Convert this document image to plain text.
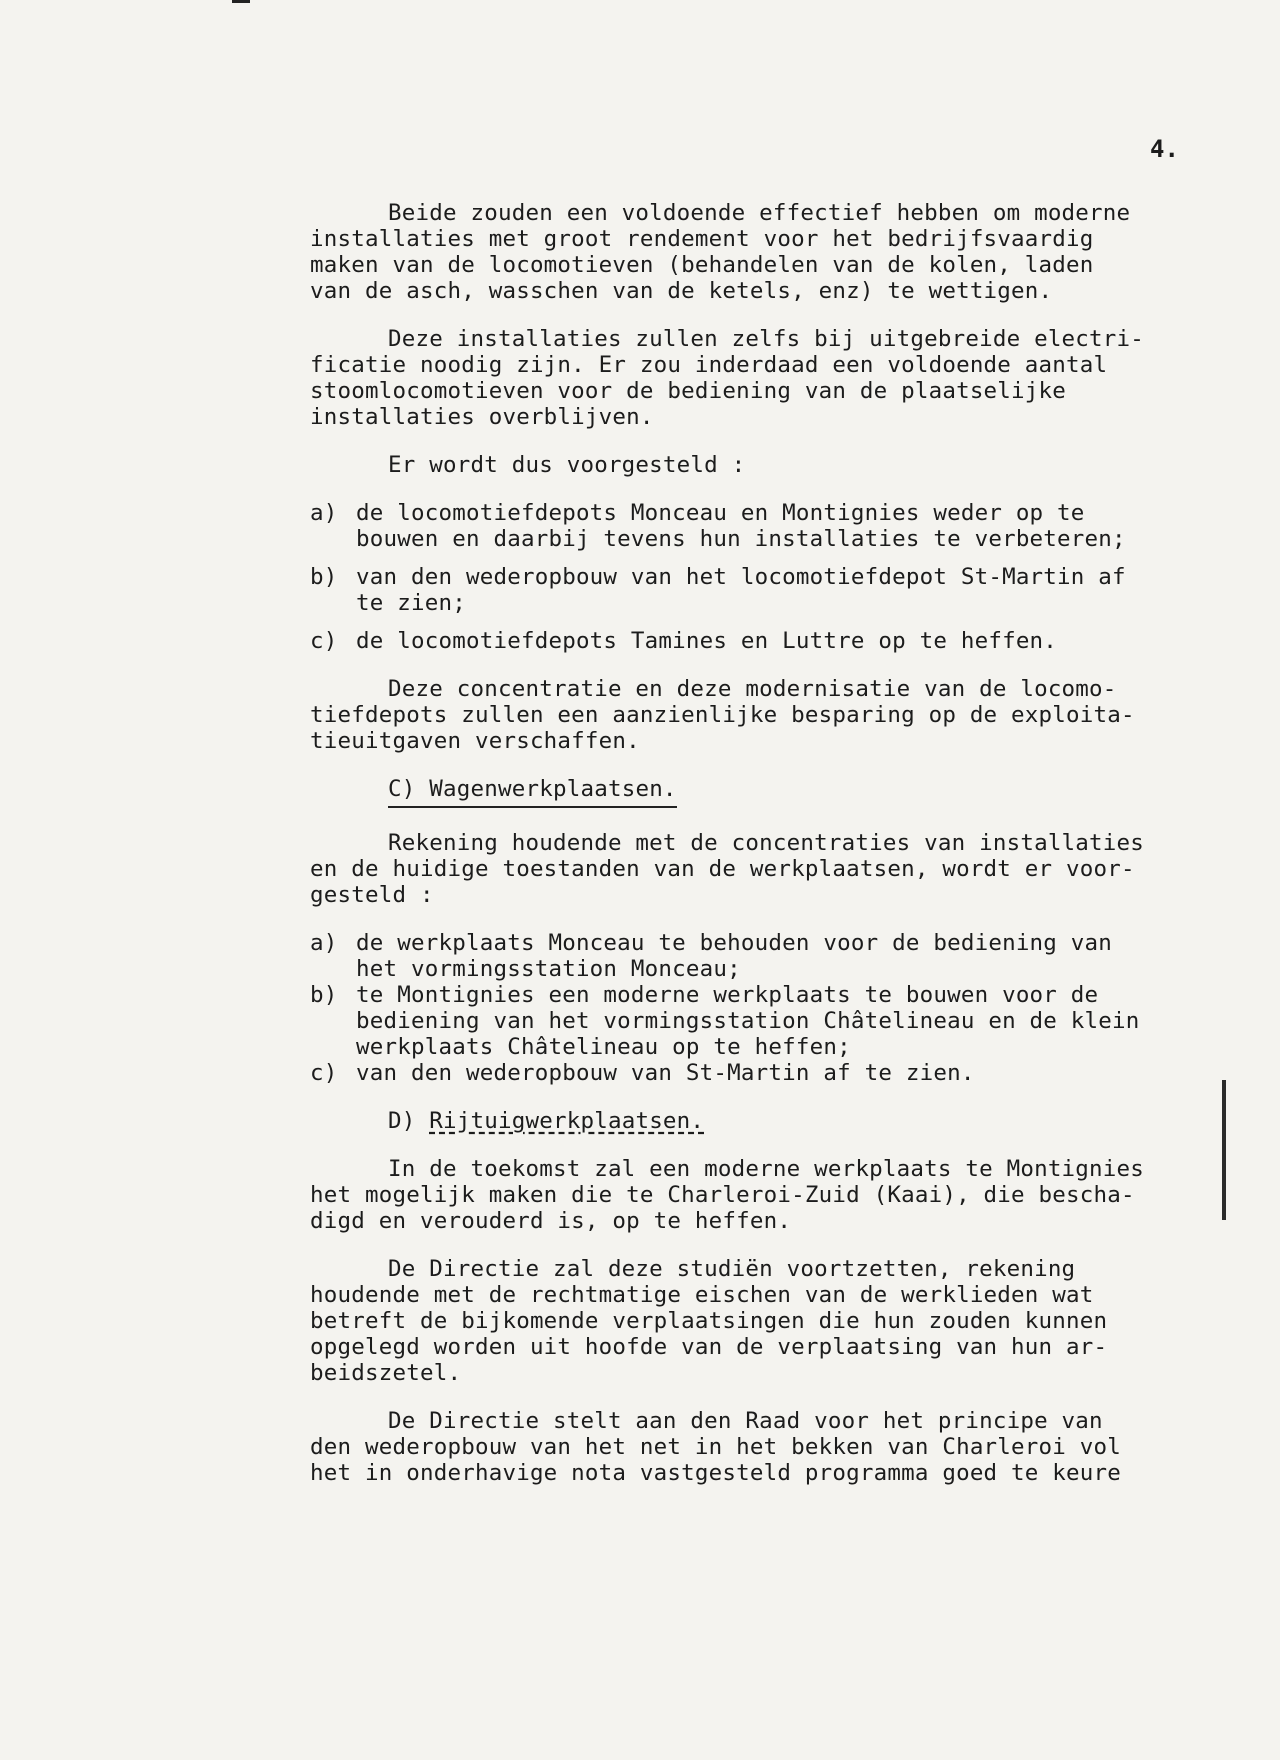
4.
Beide zouden een voldoende effectief hebben om moderne
installaties met groot rendement voor het bedrijfsvaardig
maken van de locomotieven (behandelen van de kolen, laden
van de asch, wasschen van de ketels, enz) te wettigen.
Deze installaties zullen zelfs bij uitgebreide electri-
ficatie noodig zijn. Er zou inderdaad een voldoende aantal
stoomlocomotieven voor de bediening van de plaatselijke
installaties overblijven.
Er wordt dus voorgesteld :
a) de locomotiefdepots Monceau en Montignies weder op te
bouwen en daarbij tevens hun installaties te verbeteren;
b) van den wederopbouw van het locomotiefdepot St-Martin af
te zien;
c) de locomotiefdepots Tamines en Luttre op te heffen.
Deze concentratie en deze modernisatie van de locomo-
tiefdepots zullen een aanzienlijke besparing op de exploita-
tieuitgaven verschaffen.
C) Wagenwerkplaatsen.
Rekening houdende met de concentraties van installaties
en de huidige toestanden van de werkplaatsen, wordt er voor-
gesteld :
a) de werkplaats Monceau te behouden voor de bediening van
het vormingsstation Monceau;
b) te Montignies een moderne werkplaats te bouwen voor de
bediening van het vormingsstation Châtelineau en de klein
werkplaats Châtelineau op te heffen;
c) van den wederopbouw van St-Martin af te zien.
D) Rijtuigwerkplaatsen.
In de toekomst zal een moderne werkplaats te Montignies
het mogelijk maken die te Charleroi-Zuid (Kaai), die bescha-
digd en verouderd is, op te heffen.
De Directie zal deze studiën voortzetten, rekening
houdende met de rechtmatige eischen van de werklieden wat
betreft de bijkomende verplaatsingen die hun zouden kunnen
opgelegd worden uit hoofde van de verplaatsing van hun ar-
beidszetel.
De Directie stelt aan den Raad voor het principe van
den wederopbouw van het net in het bekken van Charleroi vol
het in onderhavige nota vastgesteld programma goed te keure
